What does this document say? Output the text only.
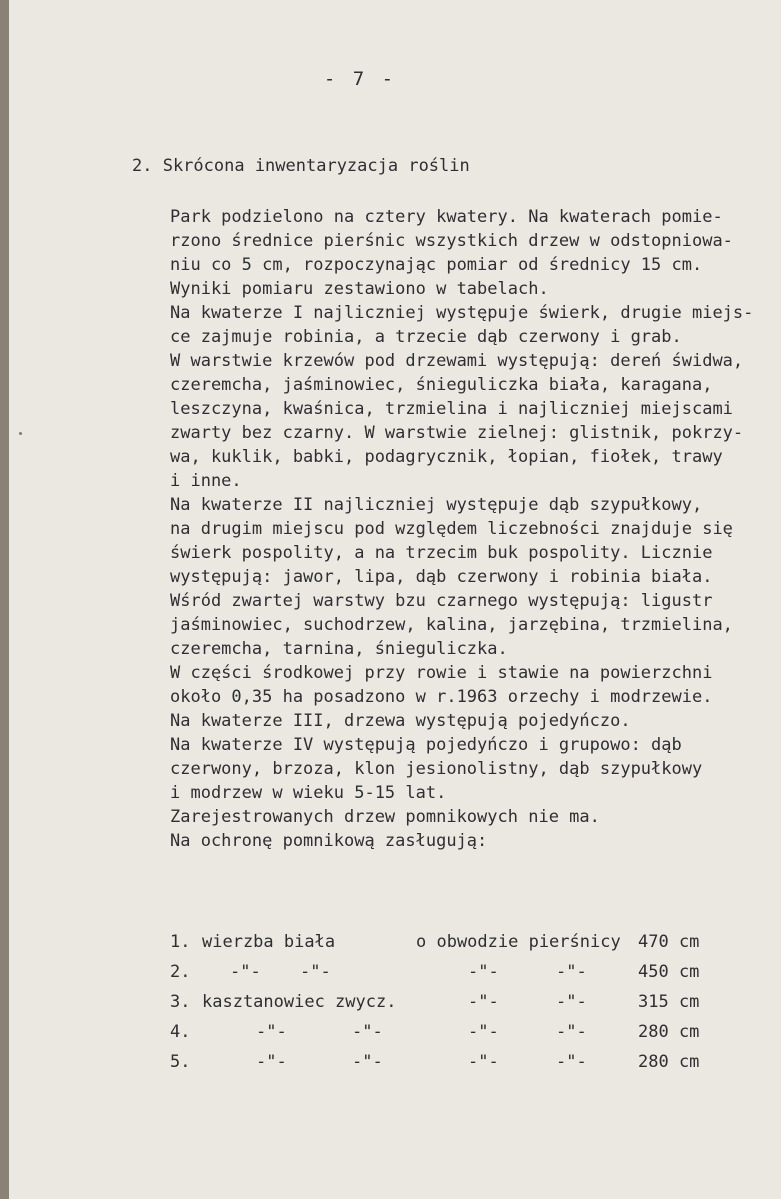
- 7 -
2. Skrócona inwentaryzacja roślin
Park podzielono na cztery kwatery. Na kwaterach pomie-
rzono średnice pierśnic wszystkich drzew w odstopniowa-
niu co 5 cm, rozpoczynając pomiar od średnicy 15 cm.
Wyniki pomiaru zestawiono w tabelach.
Na kwaterze I najliczniej występuje świerk, drugie miejs-
ce zajmuje robinia, a trzecie dąb czerwony i grab.
W warstwie krzewów pod drzewami występują: dereń świdwa,
czeremcha, jaśminowiec, śnieguliczka biała, karagana,
leszczyna, kwaśnica, trzmielina i najliczniej miejscami
zwarty bez czarny. W warstwie zielnej: glistnik, pokrzy-
wa, kuklik, babki, podagrycznik, łopian, fiołek, trawy
i inne.
Na kwaterze II najliczniej występuje dąb szypułkowy,
na drugim miejscu pod względem liczebności znajduje się
świerk pospolity, a na trzecim buk pospolity. Licznie
występują: jawor, lipa, dąb czerwony i robinia biała.
Wśród zwartej warstwy bzu czarnego występują: ligustr
jaśminowiec, suchodrzew, kalina, jarzębina, trzmielina,
czeremcha, tarnina, śnieguliczka.
W części środkowej przy rowie i stawie na powierzchni
około 0,35 ha posadzono w r.1963 orzechy i modrzewie.
Na kwaterze III, drzewa występują pojedyńczo.
Na kwaterze IV występują pojedyńczo i grupowo: dąb
czerwony, brzoza, klon jesionolistny, dąb szypułkowy
i modrzew w wieku 5-15 lat.
Zarejestrowanych drzew pomnikowych nie ma.
Na ochronę pomnikową zasługują:
1. wierzba biała	o obwodzie pierśnicy 470 cm
2. -"- -"-	-"-	-"-	450 cm
3. kasztanowiec zwycz.	-"-	-"-	315 cm
4.	-"-	-"-	-"-	-"-	280 cm
5.	-"-	-"-	-"-	-"-	280 cm
